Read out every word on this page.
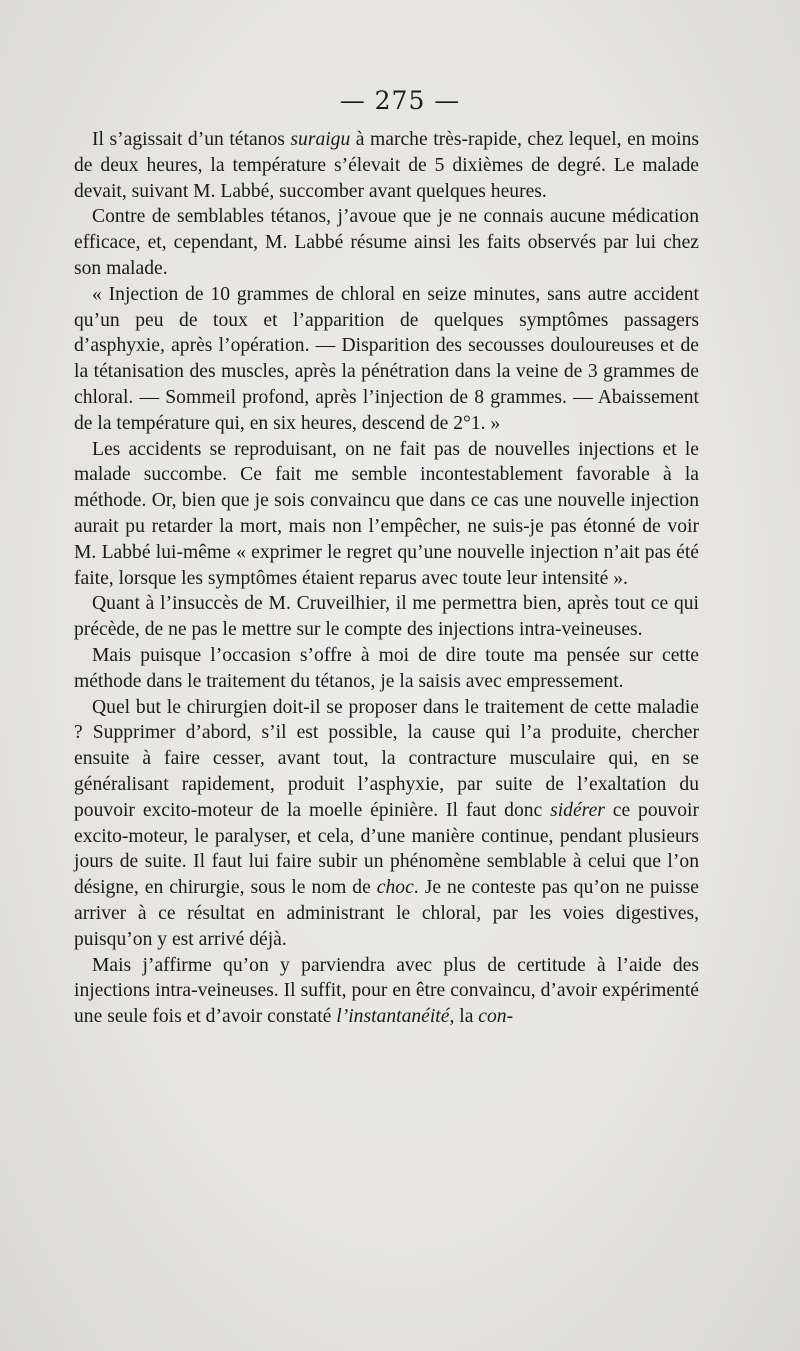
— 275 —

Il s’agissait d’un tétanos suraigu à marche très-rapide, chez lequel, en moins de deux heures, la température s’élevait de 5 dixièmes de degré. Le malade devait, suivant M. Labbé, succomber avant quelques heures.

Contre de semblables tétanos, j’avoue que je ne connais aucune médication efficace, et, cependant, M. Labbé résume ainsi les faits observés par lui chez son malade.

« Injection de 10 grammes de chloral en seize minutes, sans autre accident qu’un peu de toux et l’apparition de quelques symptômes passagers d’asphyxie, après l’opération. — Disparition des secousses douloureuses et de la tétanisation des muscles, après la pénétration dans la veine de 3 grammes de chloral. — Sommeil profond, après l’injection de 8 grammes. — Abaissement de la température qui, en six heures, descend de 2°1. »

Les accidents se reproduisant, on ne fait pas de nouvelles injections et le malade succombe. Ce fait me semble incontestablement favorable à la méthode. Or, bien que je sois convaincu que dans ce cas une nouvelle injection aurait pu retarder la mort, mais non l’empêcher, ne suis-je pas étonné de voir M. Labbé lui-même « exprimer le regret qu’une nouvelle injection n’ait pas été faite, lorsque les symptômes étaient reparus avec toute leur intensité ».

Quant à l’insuccès de M. Cruveilhier, il me permettra bien, après tout ce qui précède, de ne pas le mettre sur le compte des injections intra-veineuses.

Mais puisque l’occasion s’offre à moi de dire toute ma pensée sur cette méthode dans le traitement du tétanos, je la saisis avec empressement.

Quel but le chirurgien doit-il se proposer dans le traitement de cette maladie ? Supprimer d’abord, s’il est possible, la cause qui l’a produite, chercher ensuite à faire cesser, avant tout, la contracture musculaire qui, en se généralisant rapidement, produit l’asphyxie, par suite de l’exaltation du pouvoir excito-moteur de la moelle épinière. Il faut donc sidérer ce pouvoir excito-moteur, le paralyser, et cela, d’une manière continue, pendant plusieurs jours de suite. Il faut lui faire subir un phénomène semblable à celui que l’on désigne, en chirurgie, sous le nom de choc. Je ne conteste pas qu’on ne puisse arriver à ce résultat en administrant le chloral, par les voies digestives, puisqu’on y est arrivé déjà.

Mais j’affirme qu’on y parviendra avec plus de certitude à l’aide des injections intra-veineuses. Il suffit, pour en être convaincu, d’avoir expérimenté une seule fois et d’avoir constaté l’instantanéité, la con-
